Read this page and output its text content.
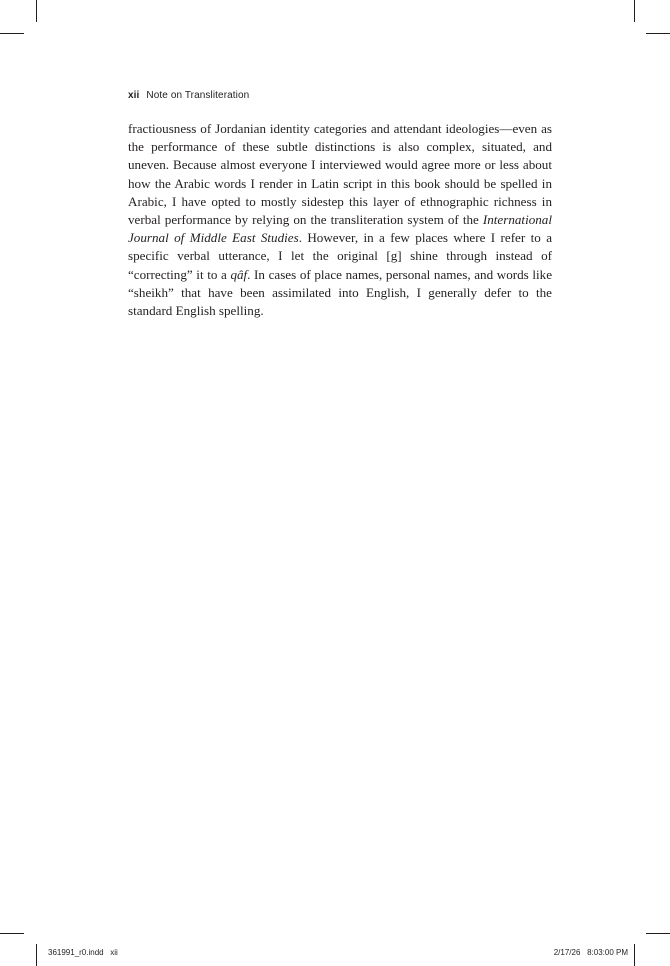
xii Note on Transliteration
fractiousness of Jordanian identity categories and attendant ideologies—even as the performance of these subtle distinctions is also complex, situated, and uneven. Because almost everyone I interviewed would agree more or less about how the Arabic words I render in Latin script in this book should be spelled in Arabic, I have opted to mostly sidestep this layer of ethnographic richness in verbal performance by relying on the transliteration system of the International Journal of Middle East Studies. However, in a few places where I refer to a specific verbal utterance, I let the original [g] shine through instead of “correcting” it to a qâf. In cases of place names, personal names, and words like “sheikh” that have been assimilated into English, I generally defer to the standard English spelling.
361991_r0.indd   xii	2/17/26   8:03:00 PM
